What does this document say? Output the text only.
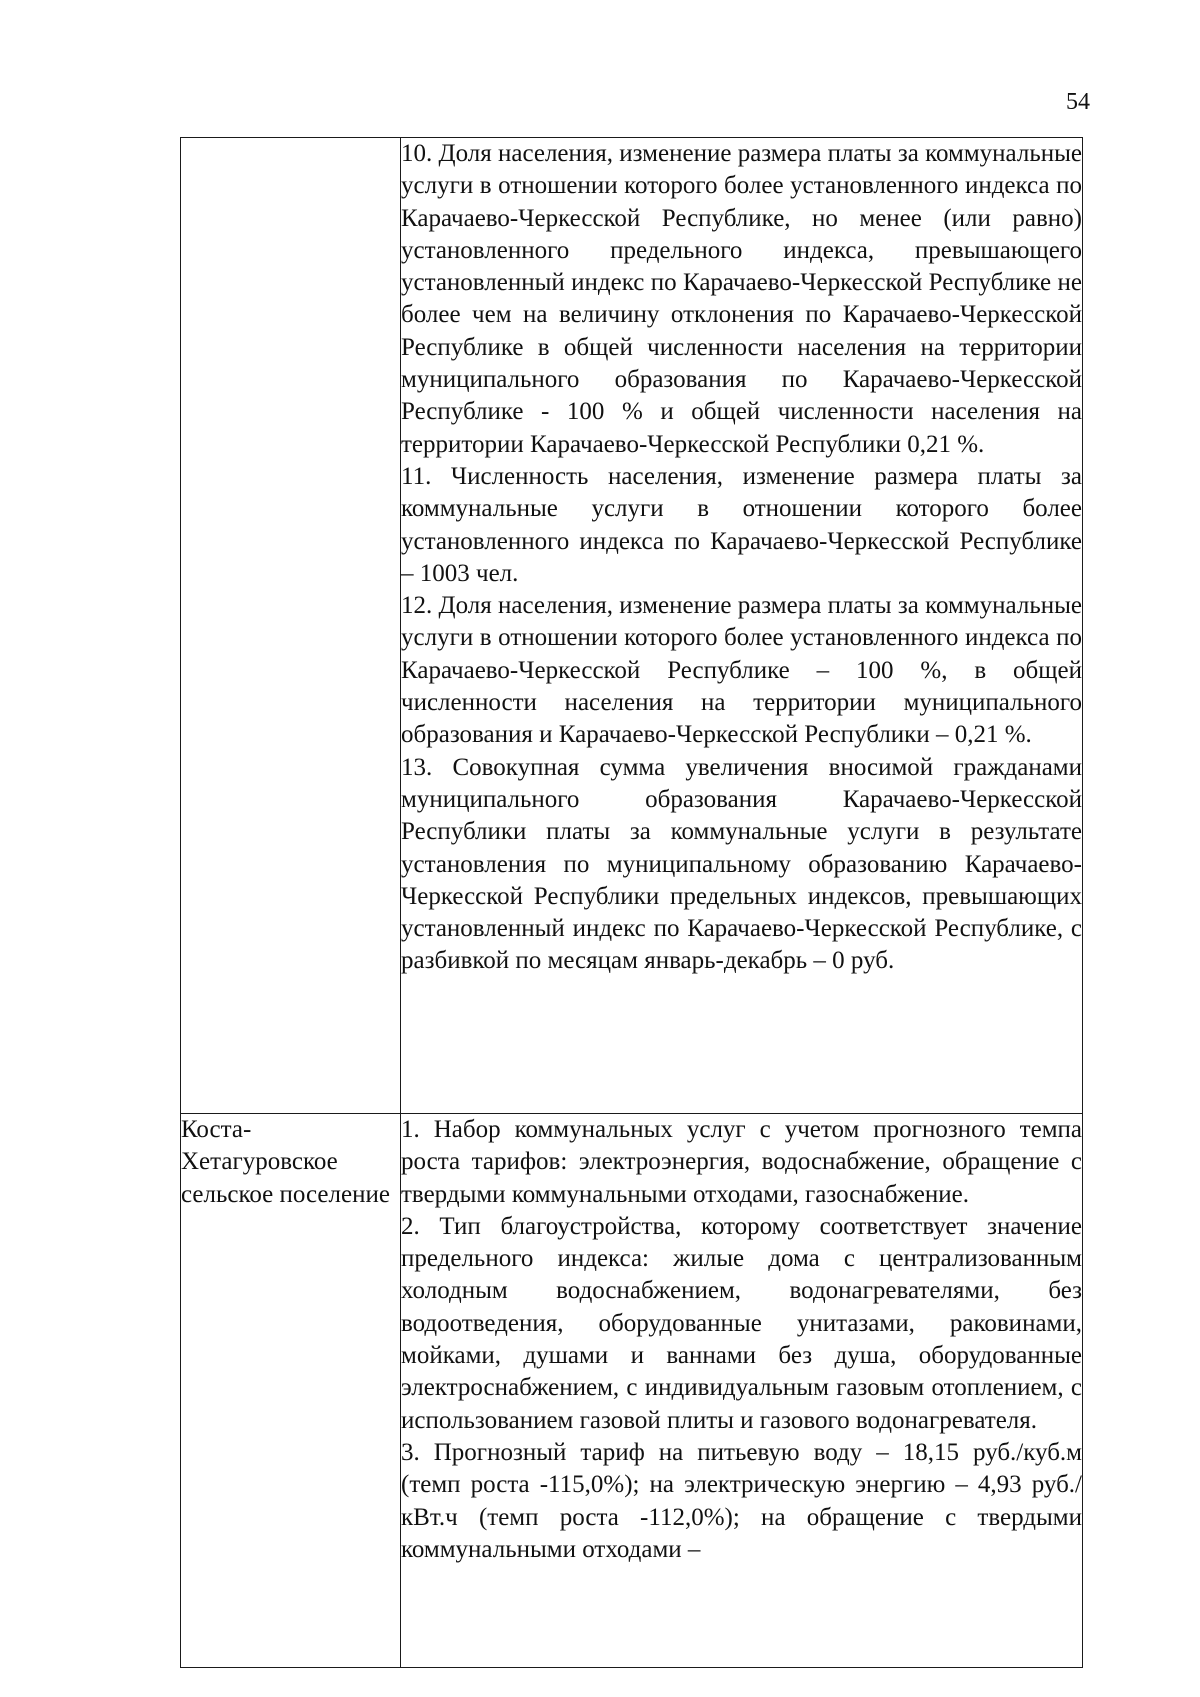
54

	10. Доля населения, изменение размера платы за коммунальные услуги в отношении которого более установленного индекса по Карачаево-Черкесской Республике, но менее (или равно) установленного предельного индекса, превышающего установленный индекс по Карачаево-Черкесской Республике не более чем на величину отклонения по Карачаево-Черкесской Республике в общей численности населения на территории муниципального образования по Карачаево-Черкесской Республике - 100 % и общей численности населения на территории Карачаево-Черкесской Республики 0,21 %.

11. Численность населения, изменение размера платы за коммунальные услуги в отношении которого более установленного индекса по Карачаево-Черкесской Республике – 1003 чел.

12. Доля населения, изменение размера платы за коммунальные услуги в отношении которого более установленного индекса по Карачаево-Черкесской Республике – 100 %, в общей численности населения на территории муниципального образования и Карачаево-Черкесской Республики – 0,21 %.

13. Совокупная сумма увеличения вносимой гражданами муниципального образования Карачаево-Черкесской Республики платы за коммунальные услуги в результате установления по муниципальному образованию Карачаево-Черкесской Республики предельных индексов, превышающих установленный индекс по Карачаево-Черкесской Республике, с разбивкой по месяцам январь-декабрь – 0 руб.

Коста-Хетагуровское сельское поселение	1. Набор коммунальных услуг с учетом прогнозного темпа роста тарифов: электроэнергия, водоснабжение, обращение с твердыми коммунальными отходами, газоснабжение.

2. Тип благоустройства, которому соответствует значение предельного индекса: жилые дома с централизованным холодным водоснабжением, водонагревателями, без водоотведения, оборудованные унитазами, раковинами, мойками, душами и ваннами без душа, оборудованные электроснабжением, с индивидуальным газовым отоплением, с использованием газовой плиты и газового водонагревателя.

3. Прогнозный тариф на питьевую воду – 18,15 руб./куб.м (темп роста -115,0%); на электрическую энергию – 4,93 руб./кВт.ч (темп роста -112,0%); на обращение с твердыми коммунальными отходами –
